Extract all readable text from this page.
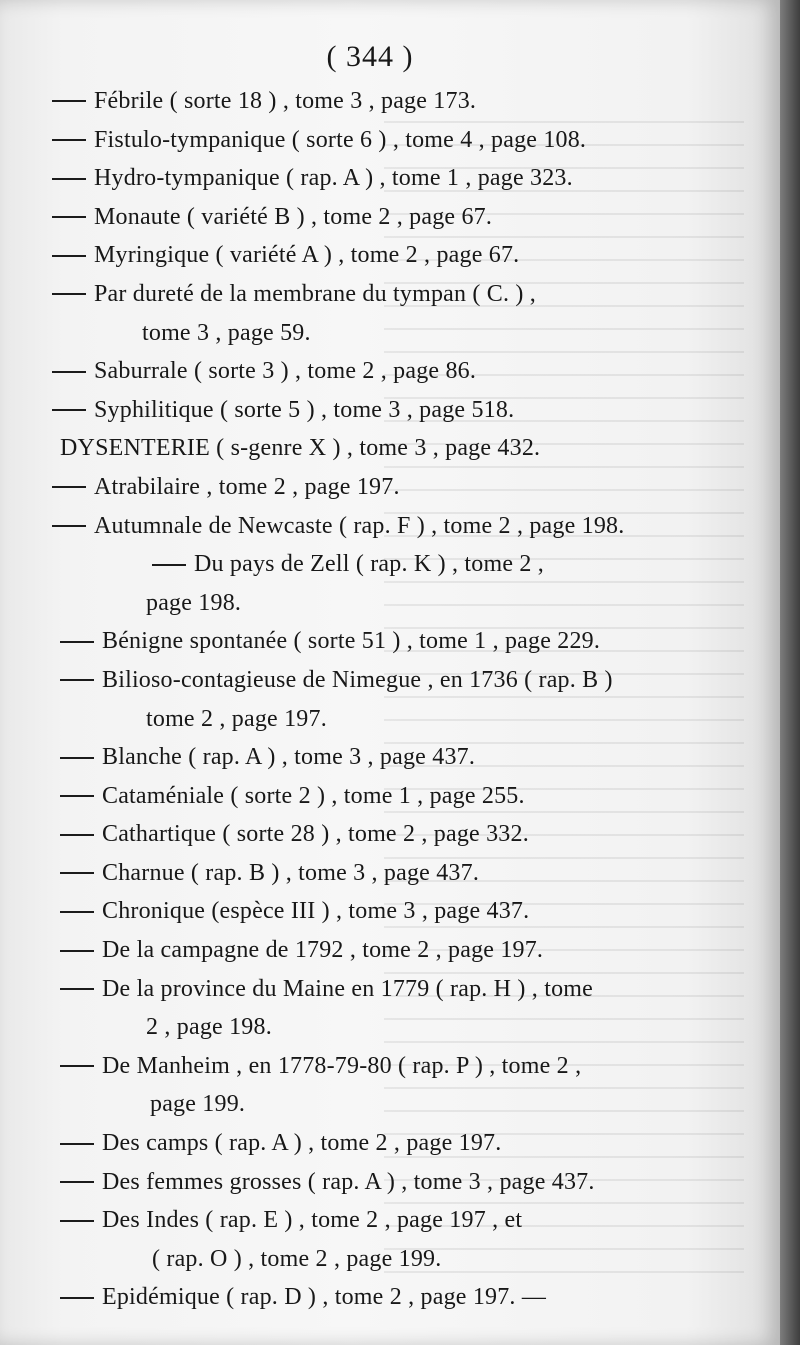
( 344 )
Fébrile ( sorte 18 ) , tome 3 , page 173.
Fistulo-tympanique ( sorte 6 ) , tome 4 , page 108.
Hydro-tympanique ( rap. A ) , tome 1 , page 323.
Monaute ( variété B ) , tome 2 , page 67.
Myringique ( variété A ) , tome 2 , page 67.
Par dureté de la membrane du tympan ( C. ) ,
tome 3 , page 59.
Saburrale ( sorte 3 ) , tome 2 , page 86.
Syphilitique ( sorte 5 ) , tome 3 , page 518.
DYSENTERIE ( s-genre X ) , tome 3 , page 432.
Atrabilaire , tome 2 , page 197.
Autumnale de Newcaste ( rap. F ) , tome 2 , page 198.
Du pays de Zell ( rap. K ) , tome 2 ,
page 198.
Bénigne spontanée ( sorte 51 ) , tome 1 , page 229.
Bilioso-contagieuse de Nimegue , en 1736 ( rap. B )
tome 2 , page 197.
Blanche ( rap. A ) , tome 3 , page 437.
Cataméniale ( sorte 2 ) , tome 1 , page 255.
Cathartique ( sorte 28 ) , tome 2 , page 332.
Charnue ( rap. B ) , tome 3 , page 437.
Chronique (espèce III ) , tome 3 , page 437.
De la campagne de 1792 , tome 2 , page 197.
De la province du Maine en 1779 ( rap. H ) , tome
2 , page 198.
De Manheim , en 1778-79-80 ( rap. P ) , tome 2 ,
page 199.
Des camps ( rap. A ) , tome 2 , page 197.
Des femmes grosses ( rap. A ) , tome 3 , page 437.
Des Indes ( rap. E ) , tome 2 , page 197 , et
( rap. O ) , tome 2 , page 199.
Epidémique ( rap. D ) , tome 2 , page 197. —
